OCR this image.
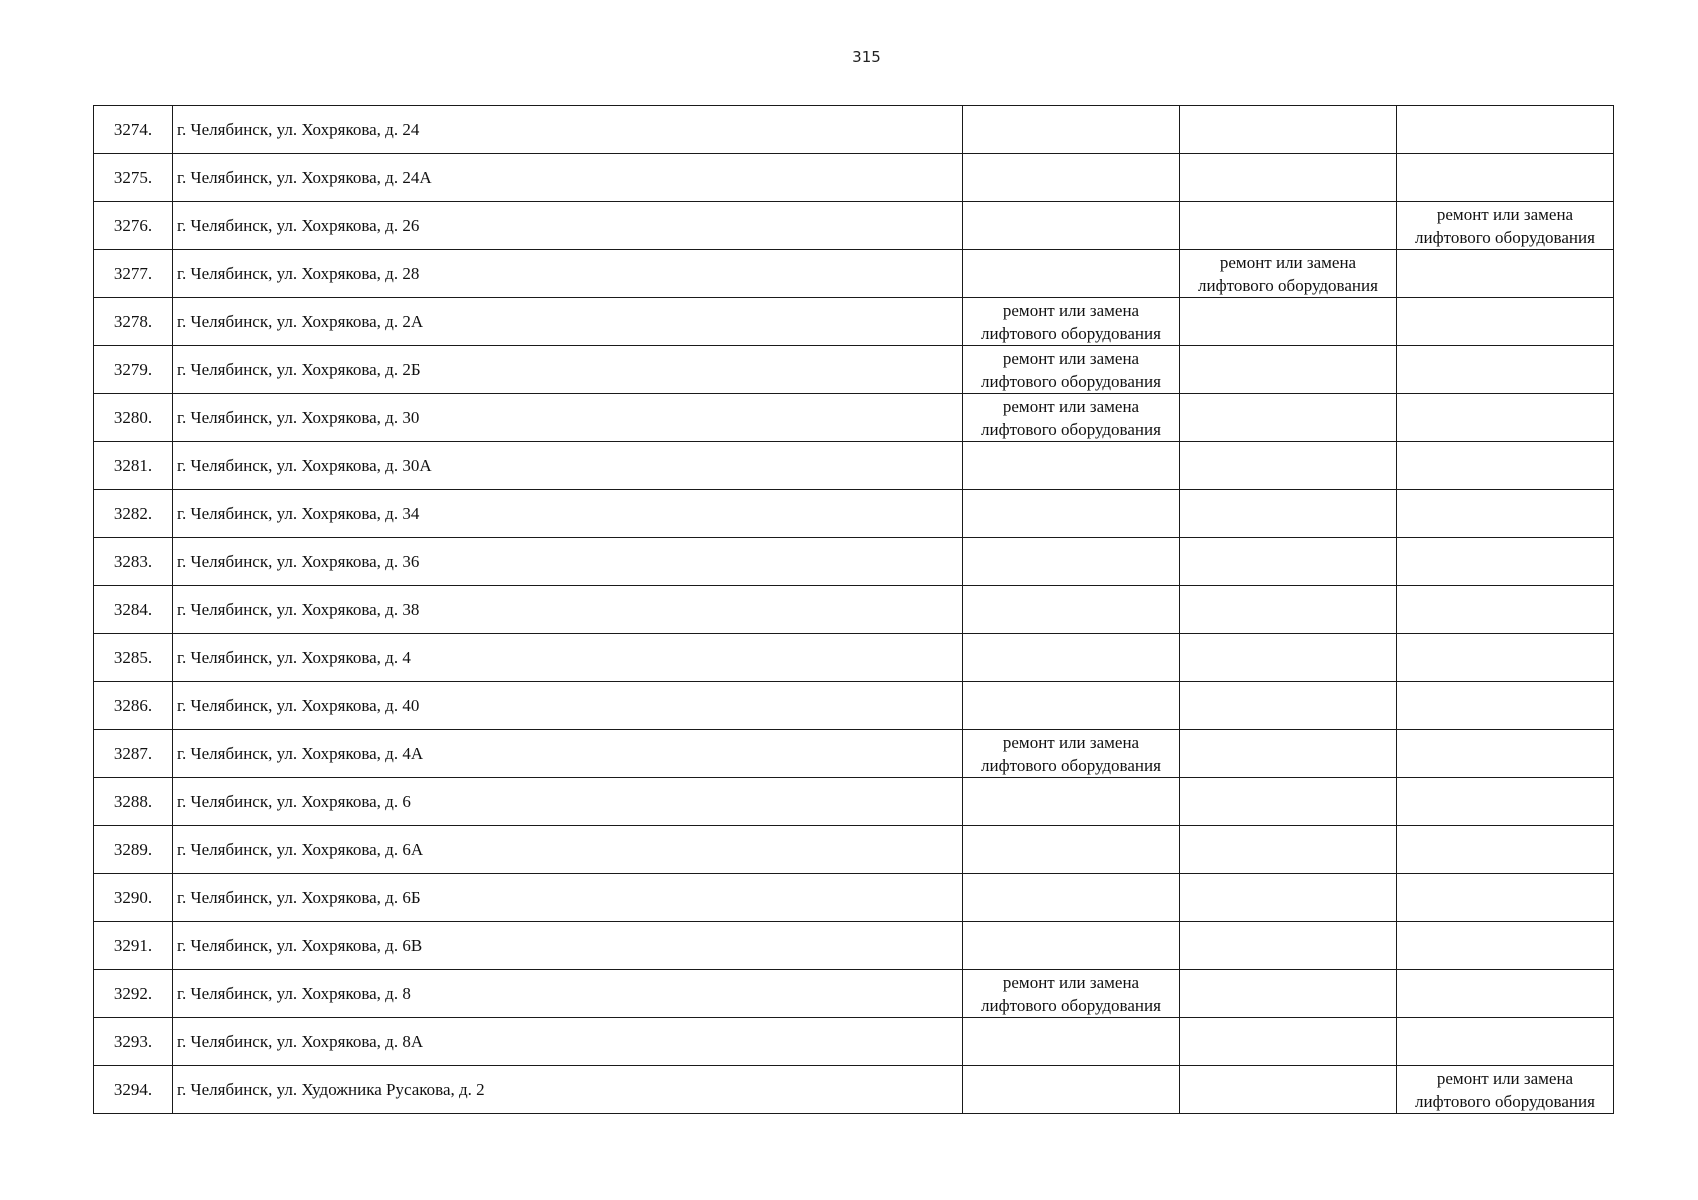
315
3274.	г. Челябинск, ул. Хохрякова, д. 24			
3275.	г. Челябинск, ул. Хохрякова, д. 24А			
3276.	г. Челябинск, ул. Хохрякова, д. 26			ремонт или замена лифтового оборудования
3277.	г. Челябинск, ул. Хохрякова, д. 28		ремонт или замена лифтового оборудования	
3278.	г. Челябинск, ул. Хохрякова, д. 2А	ремонт или замена лифтового оборудования		
3279.	г. Челябинск, ул. Хохрякова, д. 2Б	ремонт или замена лифтового оборудования		
3280.	г. Челябинск, ул. Хохрякова, д. 30	ремонт или замена лифтового оборудования		
3281.	г. Челябинск, ул. Хохрякова, д. 30А			
3282.	г. Челябинск, ул. Хохрякова, д. 34			
3283.	г. Челябинск, ул. Хохрякова, д. 36			
3284.	г. Челябинск, ул. Хохрякова, д. 38			
3285.	г. Челябинск, ул. Хохрякова, д. 4			
3286.	г. Челябинск, ул. Хохрякова, д. 40			
3287.	г. Челябинск, ул. Хохрякова, д. 4А	ремонт или замена лифтового оборудования		
3288.	г. Челябинск, ул. Хохрякова, д. 6			
3289.	г. Челябинск, ул. Хохрякова, д. 6А			
3290.	г. Челябинск, ул. Хохрякова, д. 6Б			
3291.	г. Челябинск, ул. Хохрякова, д. 6В			
3292.	г. Челябинск, ул. Хохрякова, д. 8	ремонт или замена лифтового оборудования		
3293.	г. Челябинск, ул. Хохрякова, д. 8А			
3294.	г. Челябинск, ул. Художника Русакова, д. 2			ремонт или замена лифтового оборудования
